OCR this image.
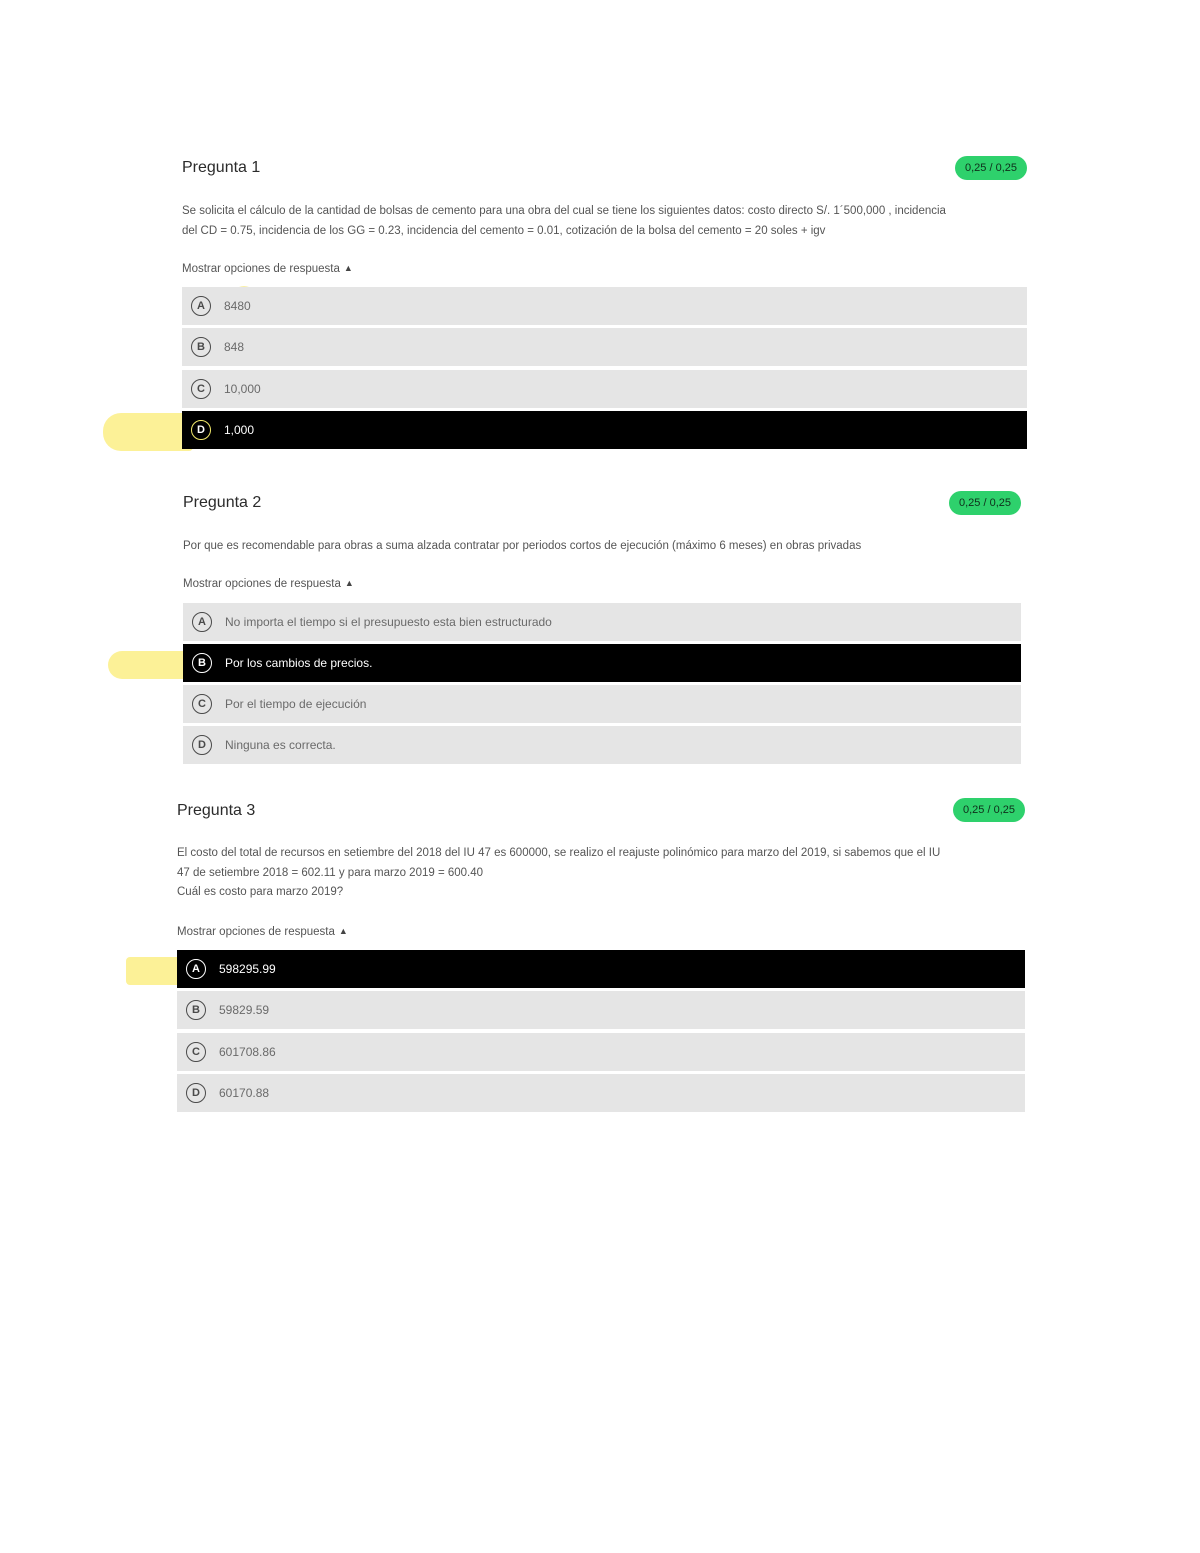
Pregunta 1	0,25 / 0,25
Se solicita el cálculo de la cantidad de bolsas de cemento para una obra del cual se tiene los siguientes datos: costo directo S/. 1´500,000 , incidencia
del CD = 0.75, incidencia de los GG = 0.23, incidencia del cemento = 0.01, cotización de la bolsa del cemento = 20 soles + igv
Mostrar opciones de respuesta ▲
A	8480
B	848
C	10,000
D	1,000
Pregunta 2	0,25 / 0,25
Por que es recomendable para obras a suma alzada contratar por periodos cortos de ejecución (máximo 6 meses) en obras privadas
Mostrar opciones de respuesta ▲
A	No importa el tiempo si el presupuesto esta bien estructurado
B	Por los cambios de precios.
C	Por el tiempo de ejecución
D	Ninguna es correcta.
Pregunta 3	0,25 / 0,25
El costo del total de recursos en setiembre del 2018 del IU 47 es 600000, se realizo el reajuste polinómico para marzo del 2019, si sabemos que el IU
47 de setiembre 2018 = 602.11 y para marzo 2019 = 600.40
Cuál es costo para marzo 2019?
Mostrar opciones de respuesta ▲
A	598295.99
B	59829.59
C	601708.86
D	60170.88
